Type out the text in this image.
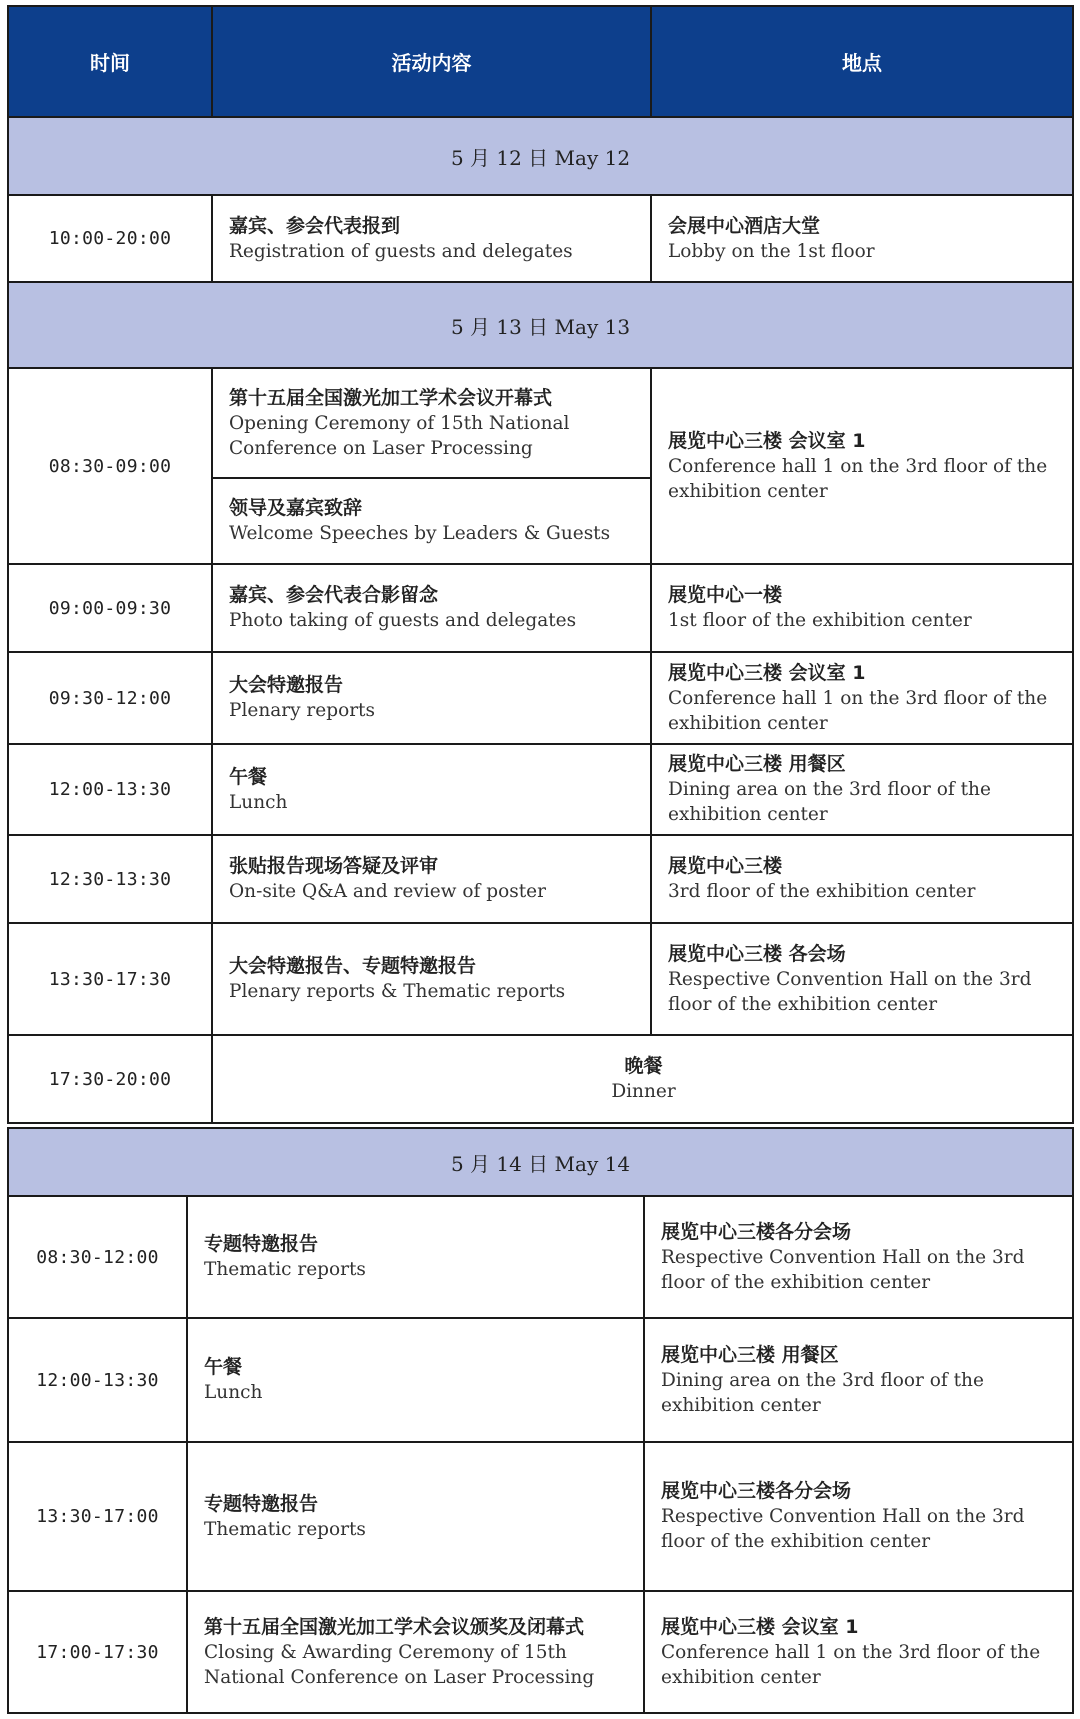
时间	活动内容	地点
5 月 12 日 May 12
10:00-20:00
嘉宾、参会代表报到
Registration of guests and delegates
会展中心酒店大堂
Lobby on the 1st floor
5 月 13 日 May 13
08:30-09:00
第十五届全国激光加工学术会议开幕式
Opening Ceremony of 15th National Conference on Laser Processing
领导及嘉宾致辞
Welcome Speeches by Leaders & Guests
展览中心三楼 会议室 1
Conference hall 1 on the 3rd floor of the exhibition center
09:00-09:30
嘉宾、参会代表合影留念
Photo taking of guests and delegates
展览中心一楼
1st floor of the exhibition center
09:30-12:00
大会特邀报告
Plenary reports
展览中心三楼 会议室 1
Conference hall 1 on the 3rd floor of the exhibition center
12:00-13:30
午餐
Lunch
展览中心三楼 用餐区
Dining area on the 3rd floor of the exhibition center
12:30-13:30
张贴报告现场答疑及评审
On-site Q&A and review of poster
展览中心三楼
3rd floor of the exhibition center
13:30-17:30
大会特邀报告、专题特邀报告
Plenary reports & Thematic reports
展览中心三楼 各会场
Respective Convention Hall on the 3rd floor of the exhibition center
17:30-20:00
晚餐
Dinner
5 月 14 日 May 14
08:30-12:00
专题特邀报告
Thematic reports
展览中心三楼各分会场
Respective Convention Hall on the 3rd floor of the exhibition center
12:00-13:30
午餐
Lunch
展览中心三楼 用餐区
Dining area on the 3rd floor of the exhibition center
13:30-17:00
专题特邀报告
Thematic reports
展览中心三楼各分会场
Respective Convention Hall on the 3rd floor of the exhibition center
17:00-17:30
第十五届全国激光加工学术会议颁奖及闭幕式
Closing & Awarding Ceremony of 15th National Conference on Laser Processing
展览中心三楼 会议室 1
Conference hall 1 on the 3rd floor of the exhibition center
